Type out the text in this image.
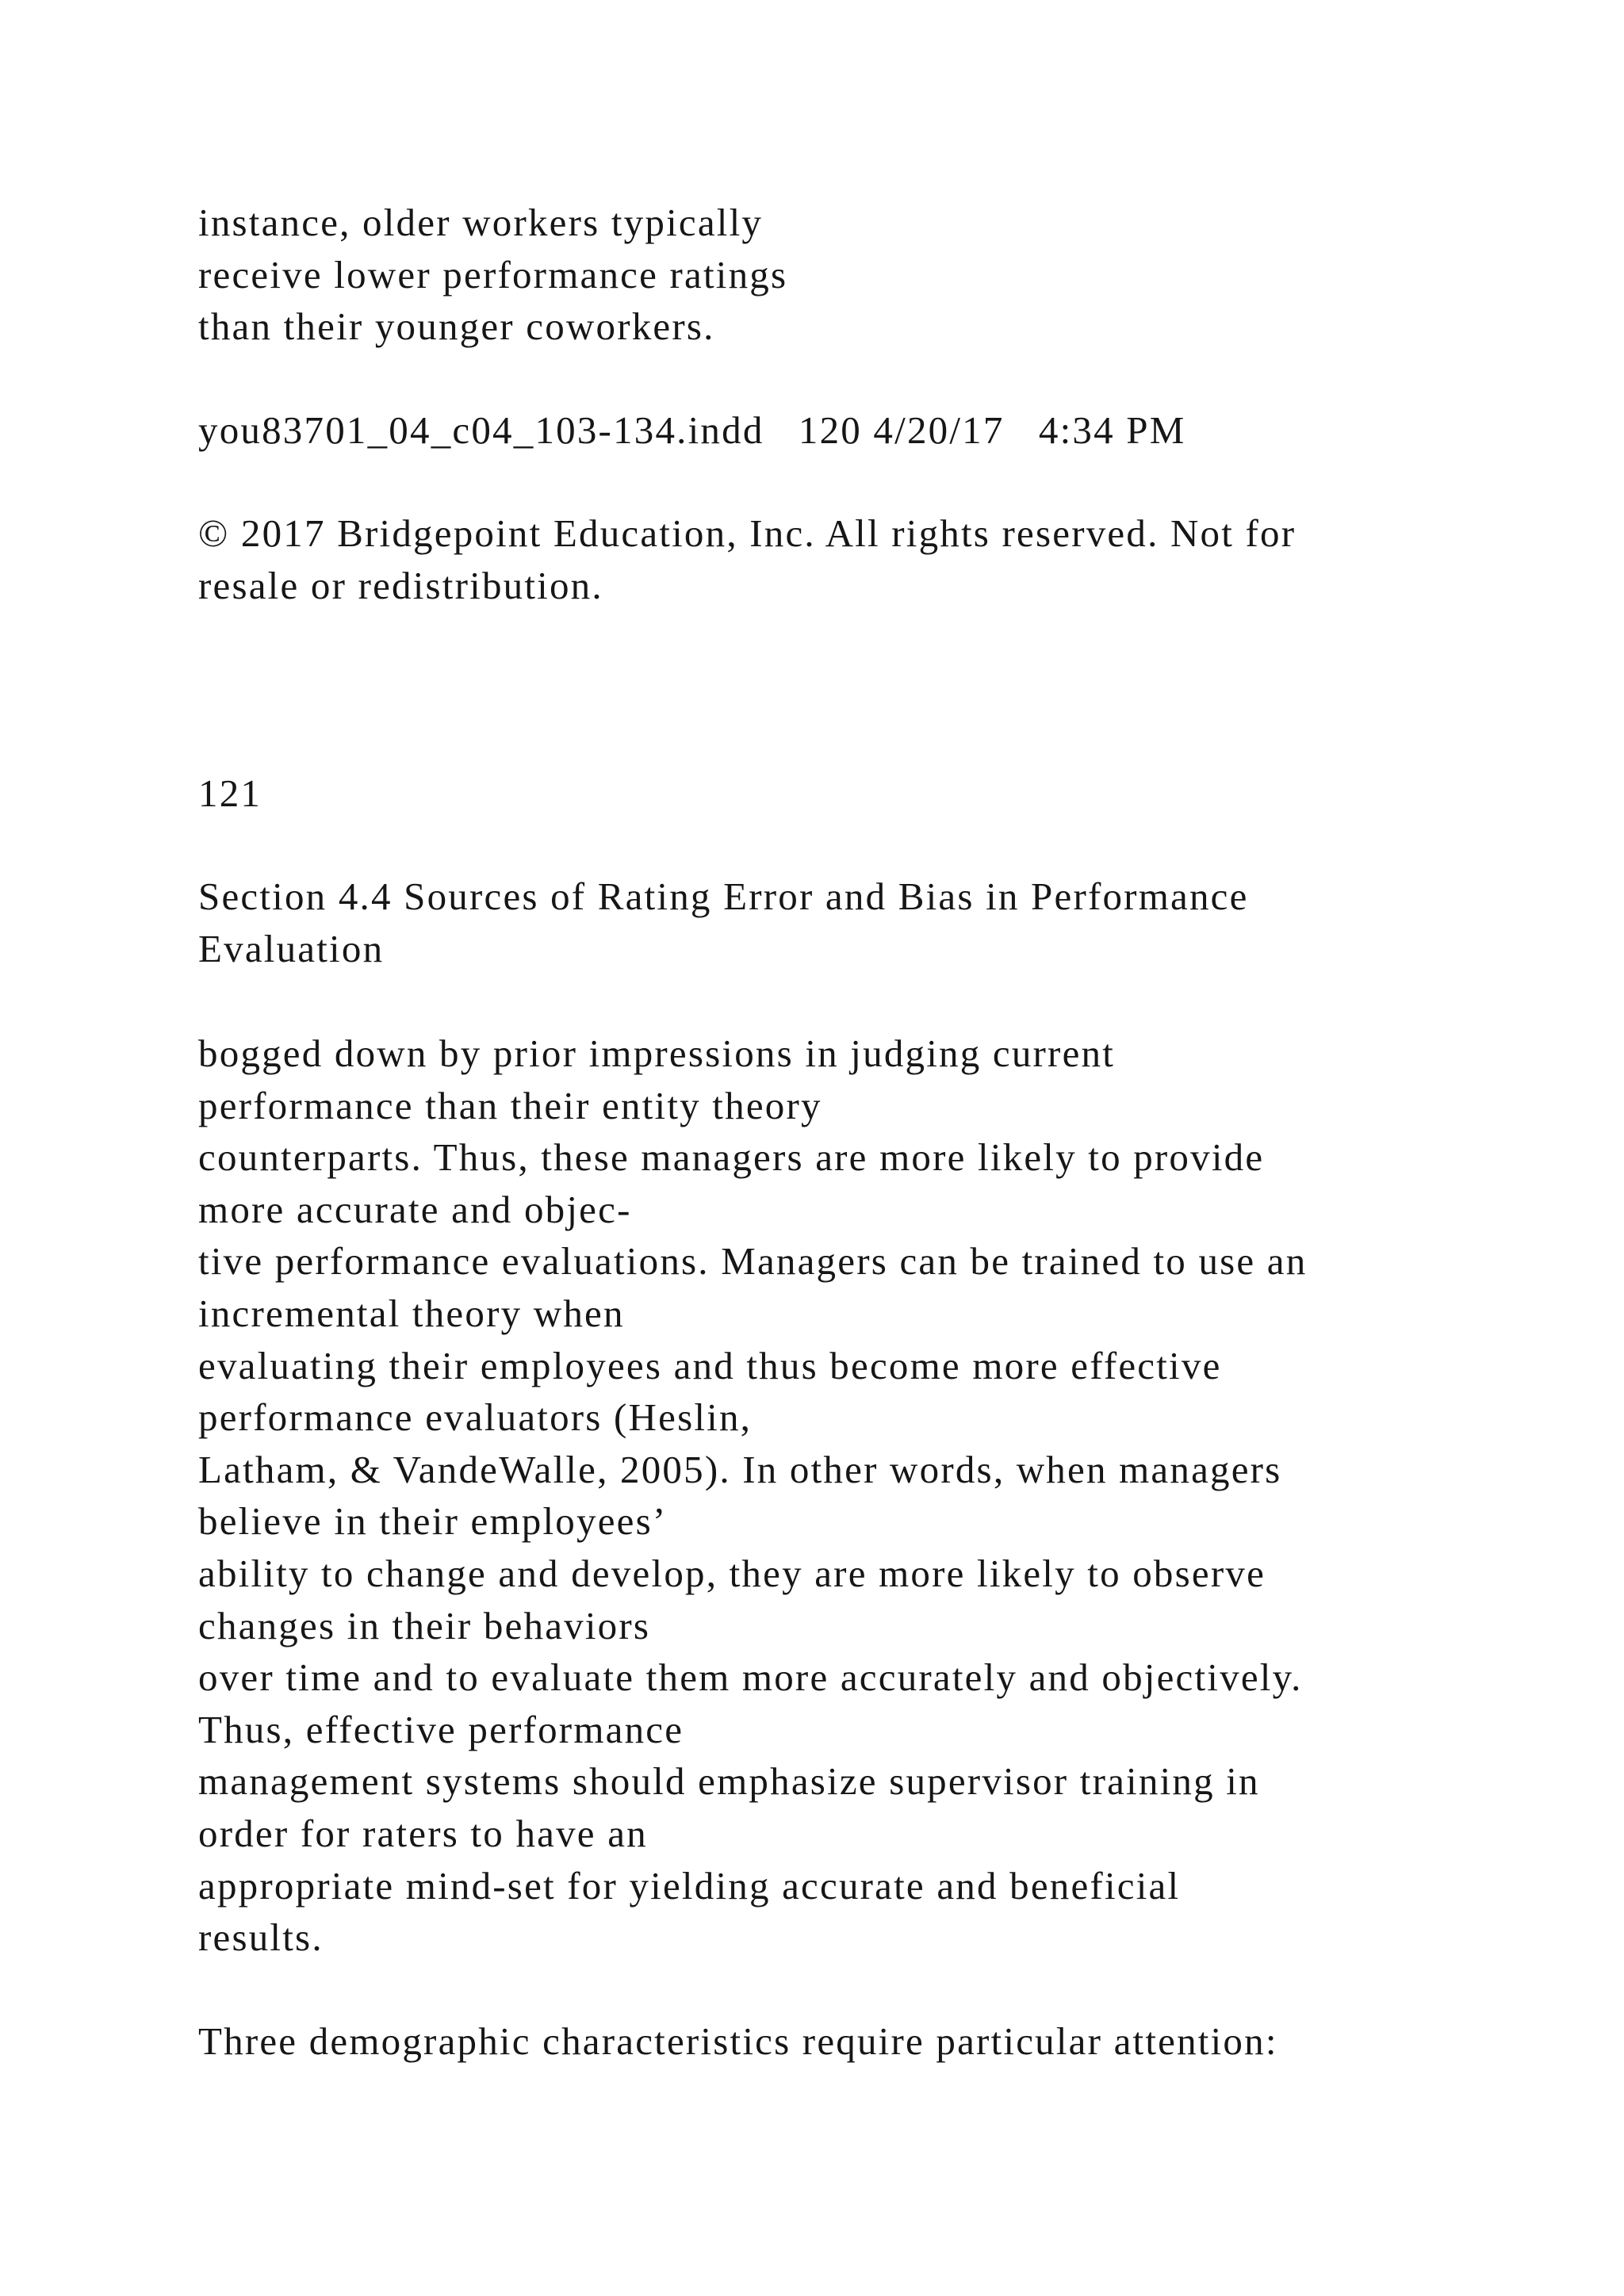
instance, older workers typically
receive lower performance ratings
than their younger coworkers.

you83701_04_c04_103-134.indd   120 4/20/17   4:34 PM

© 2017 Bridgepoint Education, Inc. All rights reserved. Not for
resale or redistribution.

121

Section 4.4 Sources of Rating Error and Bias in Performance
Evaluation

bogged down by prior impressions in judging current
performance than their entity theory
counterparts. Thus, these managers are more likely to provide
more accurate and objec-
tive performance evaluations. Managers can be trained to use an
incremental theory when
evaluating their employees and thus become more effective
performance evaluators (Heslin,
Latham, & VandeWalle, 2005). In other words, when managers
believe in their employees’
ability to change and develop, they are more likely to observe
changes in their behaviors
over time and to evaluate them more accurately and objectively.
Thus, effective performance
management systems should emphasize supervisor training in
order for raters to have an
appropriate mind-set for yielding accurate and beneficial
results.

Three demographic characteristics require particular attention:
